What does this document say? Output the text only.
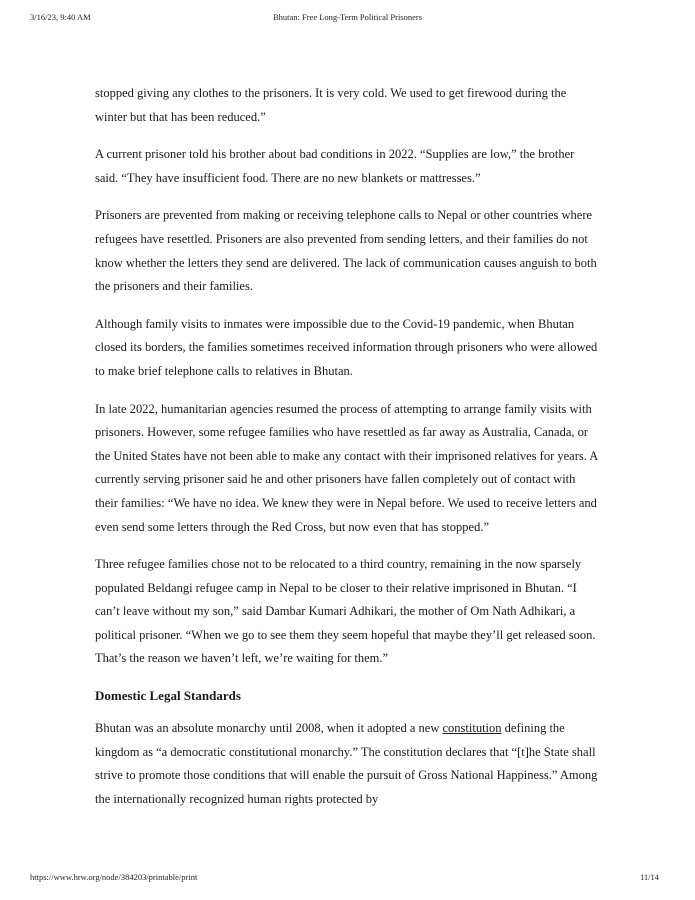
3/16/23, 9:40 AM	Bhutan: Free Long-Term Political Prisoners

stopped giving any clothes to the prisoners. It is very cold. We used to get firewood during the winter but that has been reduced.”

A current prisoner told his brother about bad conditions in 2022. “Supplies are low,” the brother said. “They have insufficient food. There are no new blankets or mattresses.”

Prisoners are prevented from making or receiving telephone calls to Nepal or other countries where refugees have resettled. Prisoners are also prevented from sending letters, and their families do not know whether the letters they send are delivered. The lack of communication causes anguish to both the prisoners and their families.

Although family visits to inmates were impossible due to the Covid-19 pandemic, when Bhutan closed its borders, the families sometimes received information through prisoners who were allowed to make brief telephone calls to relatives in Bhutan.

In late 2022, humanitarian agencies resumed the process of attempting to arrange family visits with prisoners. However, some refugee families who have resettled as far away as Australia, Canada, or the United States have not been able to make any contact with their imprisoned relatives for years. A currently serving prisoner said he and other prisoners have fallen completely out of contact with their families: “We have no idea. We knew they were in Nepal before. We used to receive letters and even send some letters through the Red Cross, but now even that has stopped.”

Three refugee families chose not to be relocated to a third country, remaining in the now sparsely populated Beldangi refugee camp in Nepal to be closer to their relative imprisoned in Bhutan. “I can’t leave without my son,” said Dambar Kumari Adhikari, the mother of Om Nath Adhikari, a political prisoner. “When we go to see them they seem hopeful that maybe they’ll get released soon. That’s the reason we haven’t left, we’re waiting for them.”

Domestic Legal Standards

Bhutan was an absolute monarchy until 2008, when it adopted a new constitution defining the kingdom as “a democratic constitutional monarchy.” The constitution declares that “[t]he State shall strive to promote those conditions that will enable the pursuit of Gross National Happiness.” Among the internationally recognized human rights protected by

https://www.hrw.org/node/384203/printable/print	11/14
